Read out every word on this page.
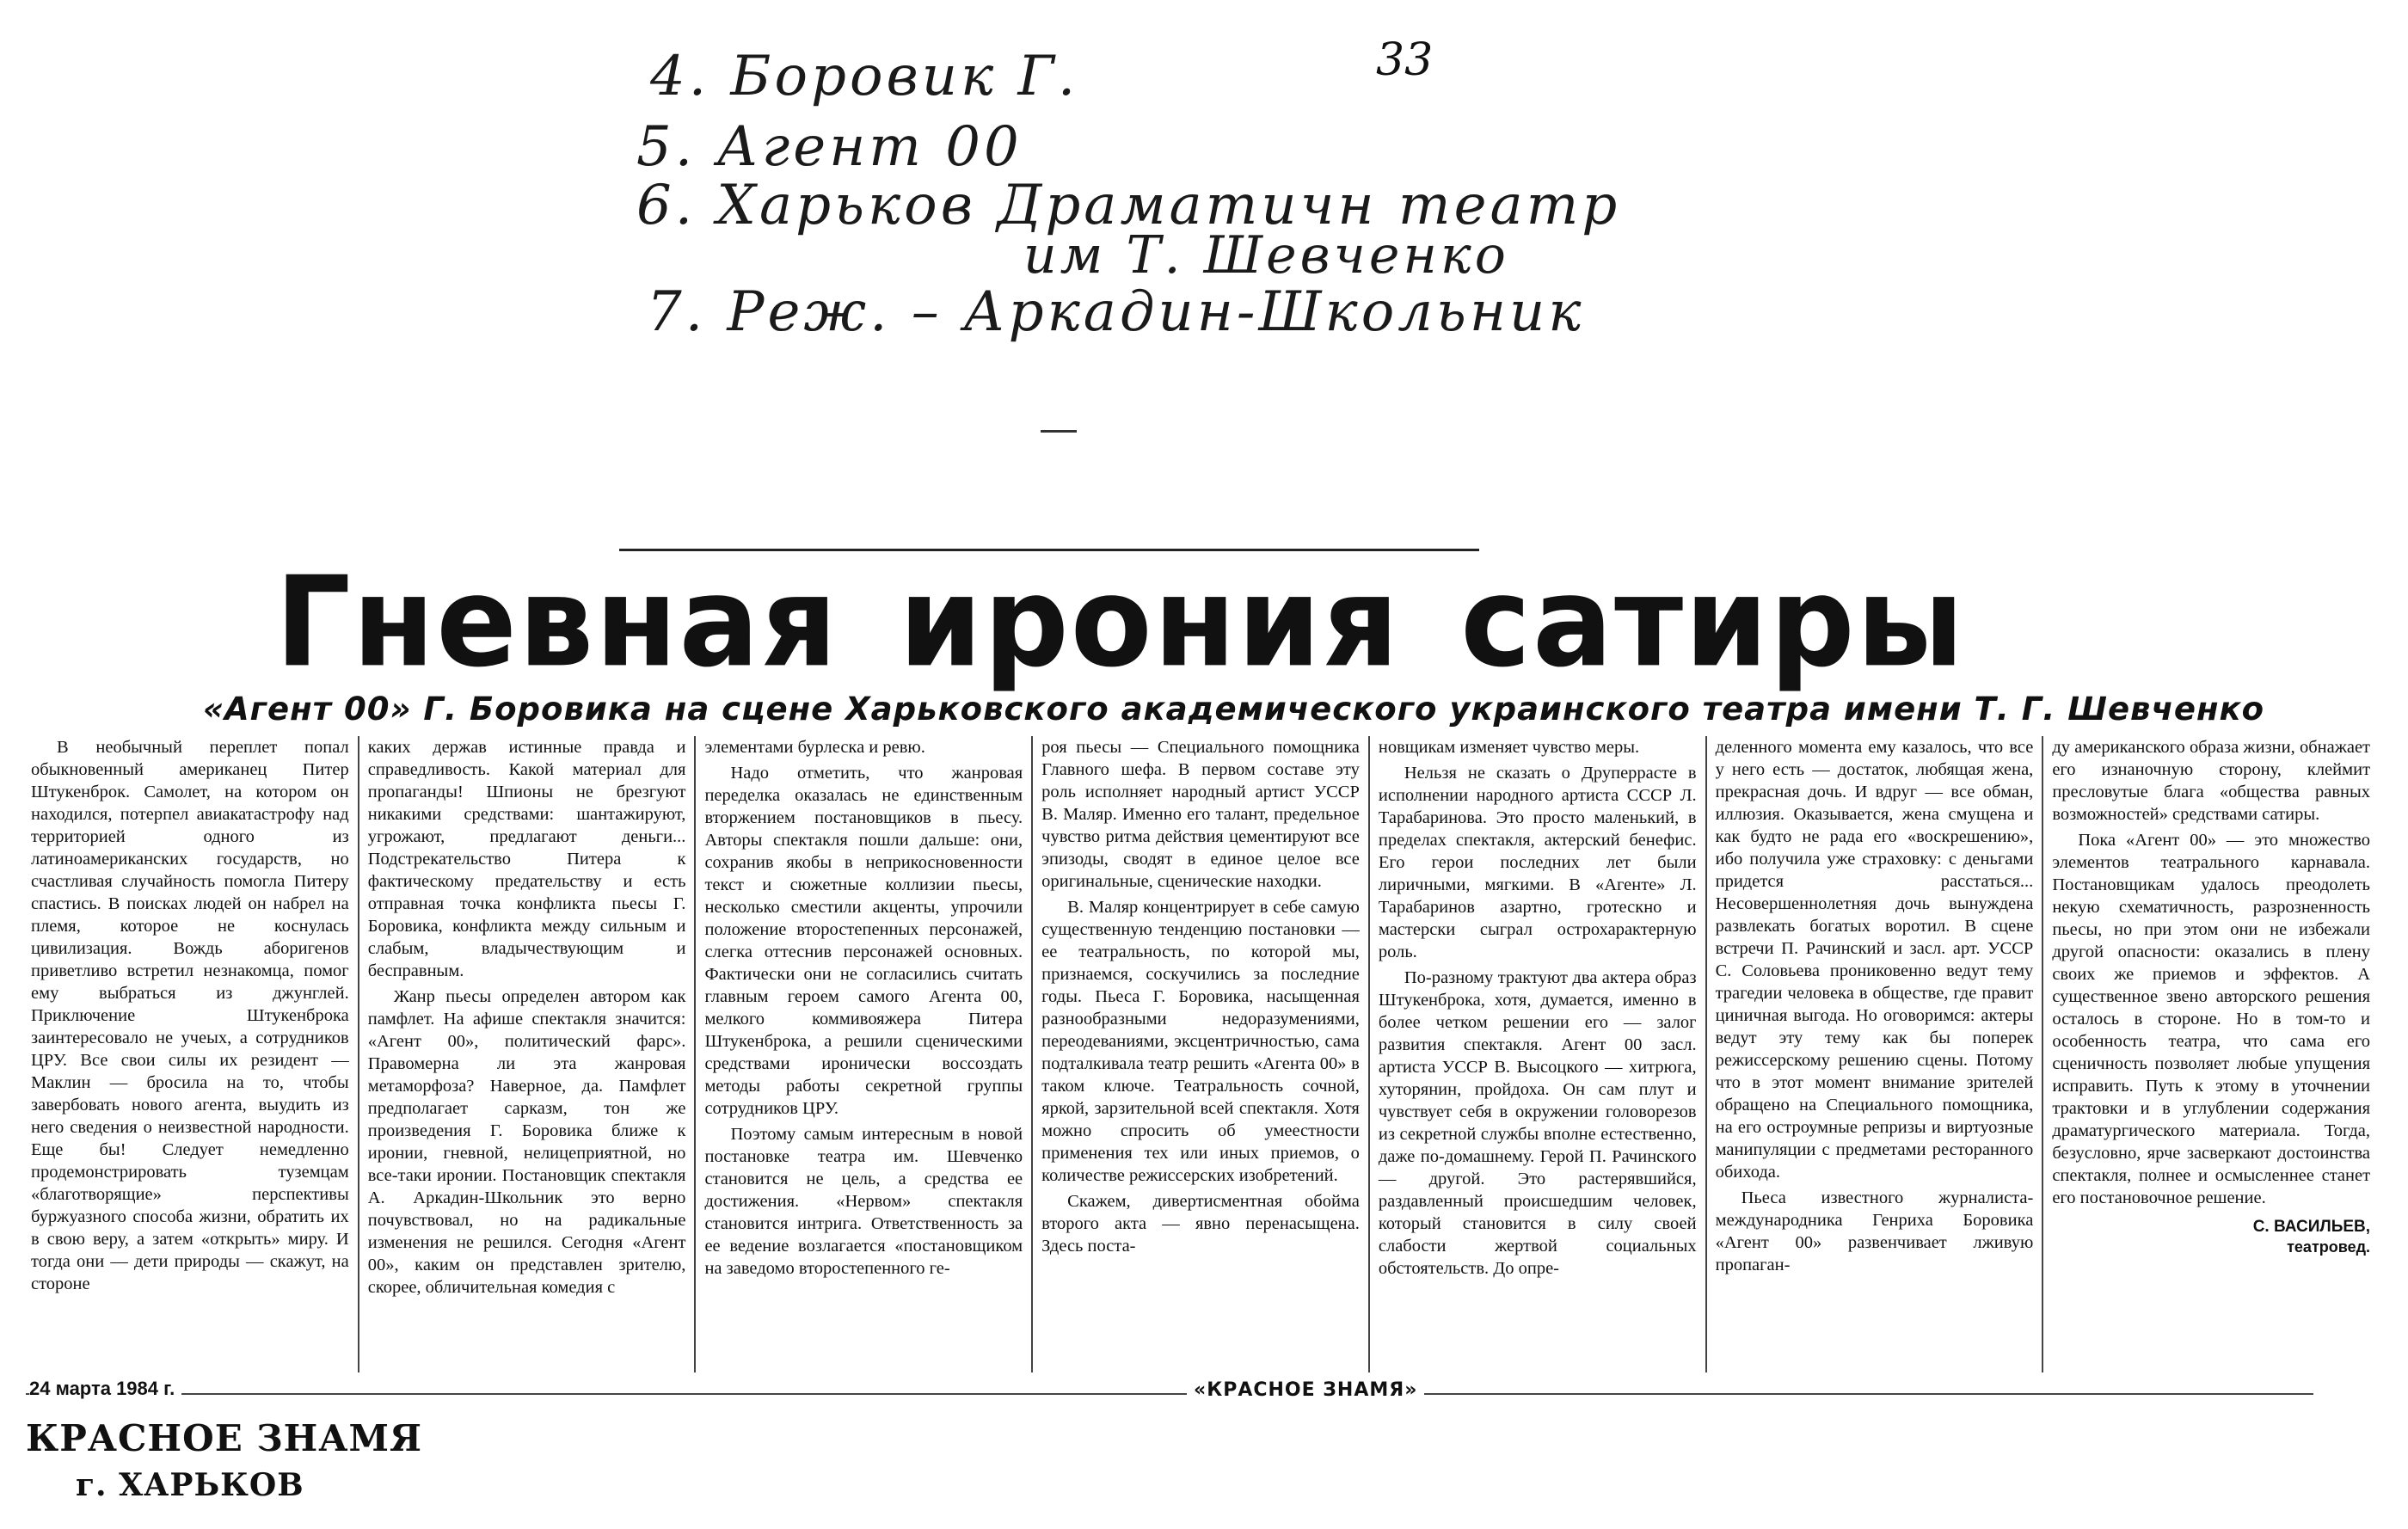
4. Боровик Г.	33
5. Агент 00
6. Харьков Драматичн театр
им Т. Шевченко
7. Реж. – Аркадин-Школьник
Гневная ирония сатиры
«Агент 00» Г. Боровика на сцене Харьковского академического украинского театра имени Т. Г. Шевченко

В необычный переплет попал обыкновенный американец Питер Штукенброк. Самолет, на котором он находился, потерпел авиакатастрофу над территорией одного из латиноамериканских государств, но счастливая случайность помогла Питеру спастись. В поисках людей он набрел на племя, которое не коснулась цивилизация. Вождь аборигенов приветливо встретил незнакомца, помог ему выбраться из джунглей. Приключение Штукенброка заинтересовало не учеых, а сотрудников ЦРУ. Все свои силы их резидент — Маклин — бросила на то, чтобы завербовать нового агента, выудить из него сведения о неизвестной народности. Еще бы! Следует немедленно продемонстрировать туземцам «благотворящие» перспективы буржуазного способа жизни, обратить их в свою веру, а затем «открыть» миру. И тогда они — дети природы — скажут, на стороне

каких держав истинные правда и справедливость. Какой материал для пропаганды! Шпионы не брезгуют никакими средствами: шантажируют, угрожают, предлагают деньги... Подстрекательство Питера к фактическому предательству и есть отправная точка конфликта пьесы Г. Боровика, конфликта между сильным и слабым, владычествующим и бесправным.

Жанр пьесы определен автором как памфлет. На афише спектакля значится: «Агент 00», политический фарс». Правомерна ли эта жанровая метаморфоза? Наверное, да. Памфлет предполагает сарказм, тон же произведения Г. Боровика ближе к иронии, гневной, нелицеприятной, но все-таки иронии. Постановщик спектакля А. Аркадин-Школьник это верно почувствовал, но на радикальные изменения не решился. Сегодня «Агент 00», каким он представлен зрителю, скорее, обличительная комедия с

элементами бурлеска и ревю.

Надо отметить, что жанровая переделка оказалась не единственным вторжением постановщиков в пьесу. Авторы спектакля пошли дальше: они, сохранив якобы в неприкосновенности текст и сюжетные коллизии пьесы, несколько сместили акценты, упрочили положение второстепенных персонажей, слегка оттеснив персонажей основных. Фактически они не согласились считать главным героем самого Агента 00, мелкого коммивояжера Питера Штукенброка, а решили сценическими средствами иронически воссоздать методы работы секретной группы сотрудников ЦРУ.

Поэтому самым интересным в новой постановке театра им. Шевченко становится не цель, а средства ее достижения. «Нервом» спектакля становится интрига. Ответственность за ее ведение возлагается «постановщиком на заведомо второстепенного ге-

роя пьесы — Специального помощника Главного шефа. В первом составе эту роль исполняет народный артист УССР В. Маляр. Именно его талант, предельное чувство ритма действия цементируют все эпизоды, сводят в единое целое все оригинальные, сценические находки.

В. Маляр концентрирует в себе самую существенную тенденцию постановки — ее театральность, по которой мы, признаемся, соскучились за последние годы. Пьеса Г. Боровика, насыщенная разнообразными недоразумениями, переодеваниями, эксцентричностью, сама подталкивала театр решить «Агента 00» в таком ключе. Театральность сочной, яркой, зарзительной всей спектакля. Хотя можно спросить об умеестности применения тех или иных приемов, о количестве режиссерских изобретений.

Скажем, дивертисментная обойма второго акта — явно перенасыщена. Здесь поста-

новщикам изменяет чувство меры.

Нельзя не сказать о Друперрасте в исполнении народного артиста СССР Л. Тарабаринова. Это просто маленький, в пределах спектакля, актерский бенефис. Его герои последних лет были лиричными, мягкими. В «Агенте» Л. Тарабаринов азартно, гротескно и мастерски сыграл острохарактерную роль.

По-разному трактуют два актера образ Штукенброка, хотя, думается, именно в более четком решении его — залог развития спектакля. Агент 00 засл. артиста УССР В. Высоцкого — хитрюга, хуторянин, пройдоха. Он сам плут и чувствует себя в окружении головорезов из секретной службы вполне естественно, даже по-домашнему. Герой П. Рачинского — другой. Это растерявшийся, раздавленный происшедшим человек, который становится в силу своей слабости жертвой социальных обстоятельств. До опре-

деленного момента ему казалось, что все у него есть — достаток, любящая жена, прекрасная дочь. И вдруг — все обман, иллюзия. Оказывается, жена смущена и как будто не рада его «воскрешению», ибо получила уже страховку: с деньгами придется расстаться... Несовершеннолетняя дочь вынуждена развлекать богатых воротил. В сцене встречи П. Рачинский и засл. арт. УССР С. Соловьева прониковенно ведут тему трагедии человека в обществе, где правит циничная выгода. Но оговоримся: актеры ведут эту тему как бы поперек режиссерскому решению сцены. Потому что в этот момент внимание зрителей обращено на Специального помощника, на его остроумные репризы и виртуозные манипуляции с предметами ресторанного обихода.

Пьеса известного журналиста-международника Генриха Боровика «Агент 00» развенчивает лживую пропаган-

ду американского образа жизни, обнажает его изнаночную сторону, клеймит пресловутые блага «общества равных возможностей» средствами сатиры.

Пока «Агент 00» — это множество элементов театрального карнавала. Постановщикам удалось преодолеть некую схематичность, разрозненность пьесы, но при этом они не избежали другой опасности: оказались в плену своих же приемов и эффектов. А существенное звено авторского решения осталось в стороне. Но в том-то и особенность театра, что сама его сценичность позволяет любые упущения исправить. Путь к этому в уточнении трактовки и в углублении содержания драматургического материала. Тогда, безусловно, ярче засверкают достоинства спектакля, полнее и осмысленнее станет его постановочное решение.

С. ВАСИЛЬЕВ,
театровед.
24 марта 1984 г.	«КРАСНОЕ ЗНАМЯ»
КРАСНОЕ ЗНАМЯ
г. ХАРЬКОВ
